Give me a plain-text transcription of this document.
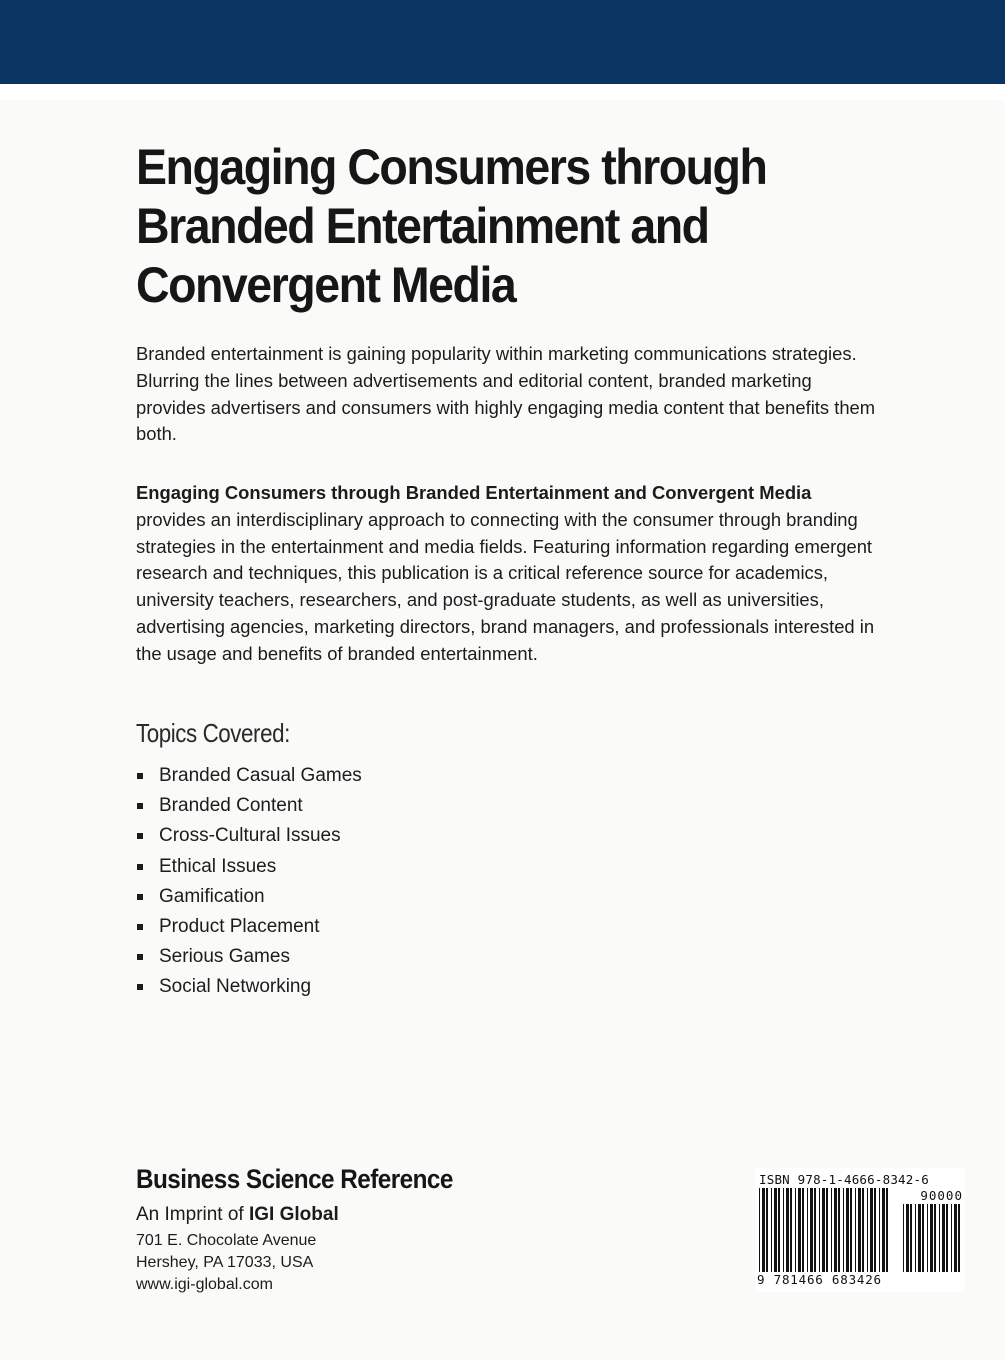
Engaging Consumers through
Branded Entertainment and
Convergent Media

Branded entertainment is gaining popularity within marketing communications strategies. Blurring the lines between advertisements and editorial content, branded marketing provides advertisers and consumers with highly engaging media content that benefits them both.

Engaging Consumers through Branded Entertainment and Convergent Media provides an interdisciplinary approach to connecting with the consumer through branding strategies in the entertainment and media fields. Featuring information regarding emergent research and techniques, this publication is a critical reference source for academics, university teachers, researchers, and post-graduate students, as well as universities, advertising agencies, marketing directors, brand managers, and professionals interested in the usage and benefits of branded entertainment.

Topics Covered:
Branded Casual Games
Branded Content
Cross-Cultural Issues
Ethical Issues
Gamification
Product Placement
Serious Games
Social Networking
Business Science Reference
An Imprint of IGI Global
701 E. Chocolate Avenue
Hershey, PA 17033, USA
www.igi-global.com
ISBN 978-1-4666-8342-6
90000
9 781466 683426
